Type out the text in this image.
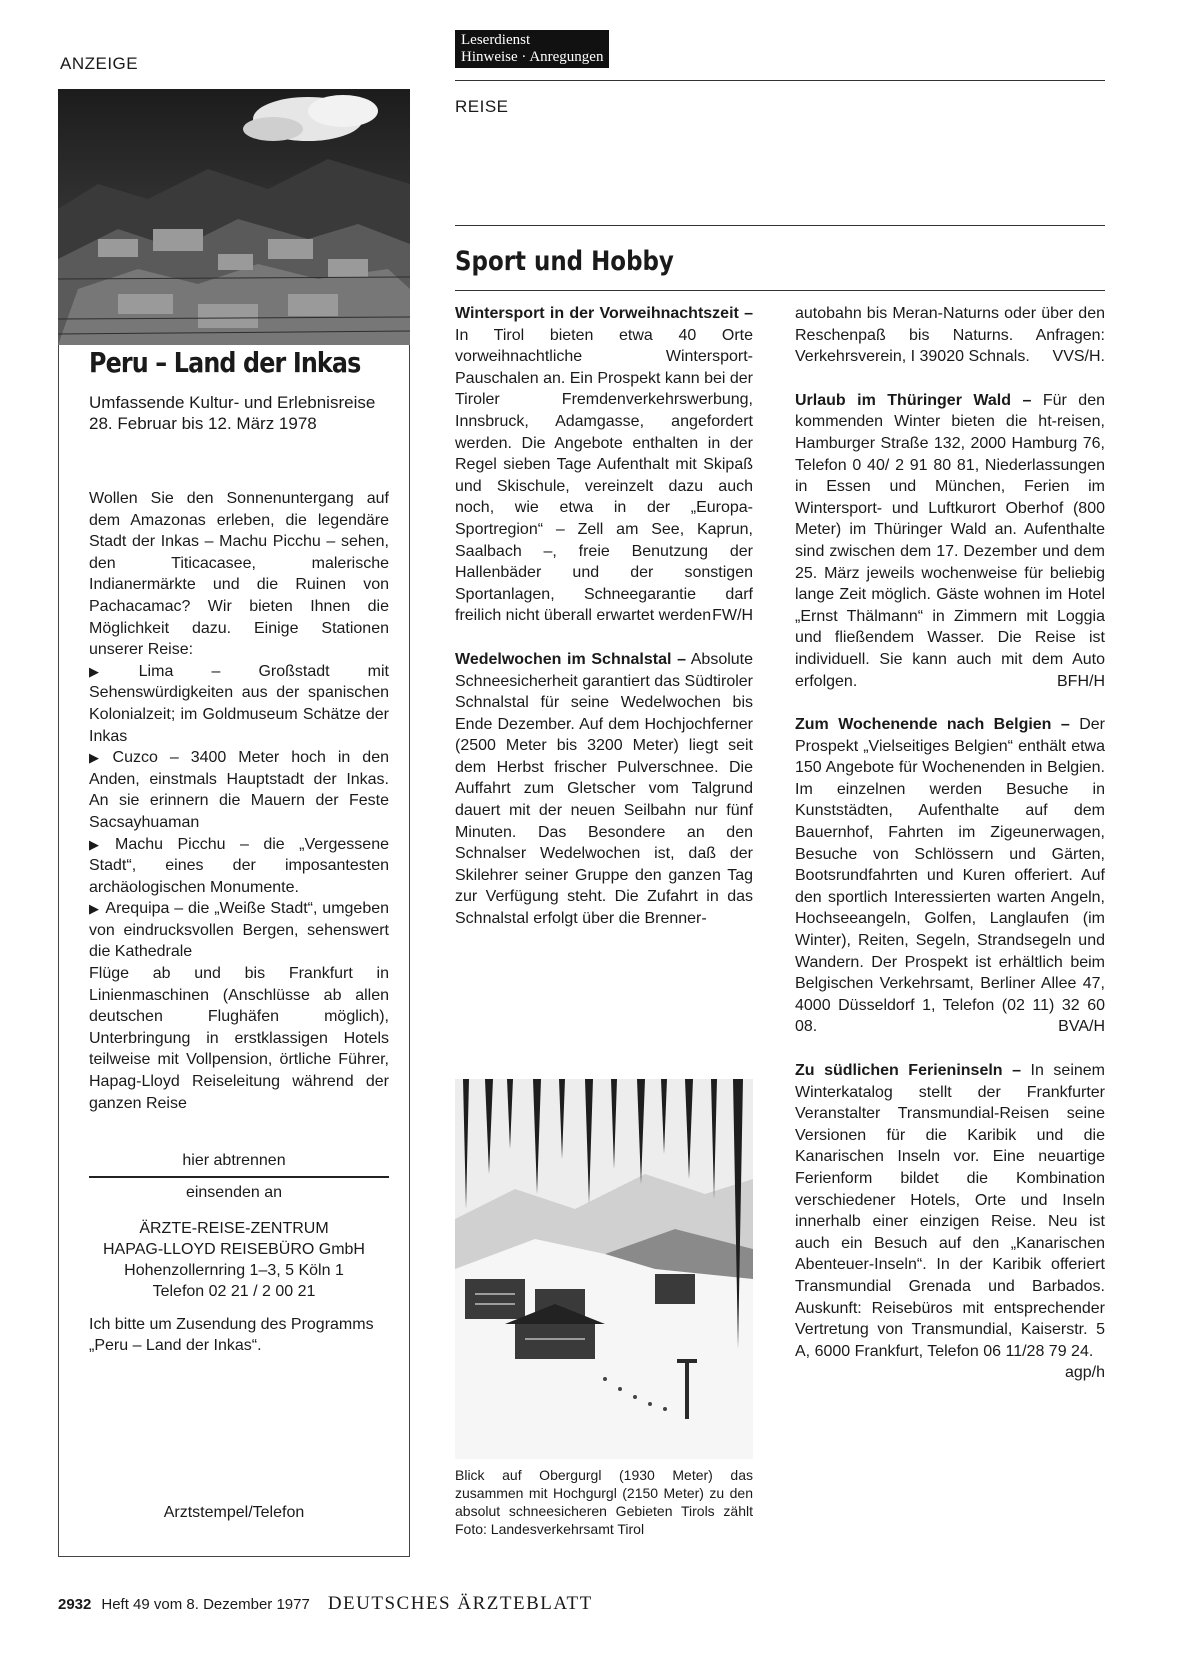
ANZEIGE
Peru – Land der Inkas
Umfassende Kultur- und Erlebnisreise 28. Februar bis 12. März 1978

Wollen Sie den Sonnenuntergang auf dem Amazonas erleben, die legendäre Stadt der Inkas – Machu Picchu – sehen, den Titicacasee, malerische Indianermärkte und die Ruinen von Pachacamac? Wir bieten Ihnen die Möglichkeit dazu. Einige Stationen unserer Reise:

▶ Lima – Großstadt mit Sehenswürdigkeiten aus der spanischen Kolonialzeit; im Goldmuseum Schätze der Inkas

▶ Cuzco – 3400 Meter hoch in den Anden, einstmals Hauptstadt der Inkas. An sie erinnern die Mauern der Feste Sacsayhuaman

▶ Machu Picchu – die „Vergessene Stadt“, eines der imposantesten archäologischen Monumente.

▶ Arequipa – die „Weiße Stadt“, umgeben von eindrucksvollen Bergen, sehenswert die Kathedrale

Flüge ab und bis Frankfurt in Linienmaschinen (Anschlüsse ab allen deutschen Flughäfen möglich), Unterbringung in erstklassigen Hotels teilweise mit Vollpension, örtliche Führer, Hapag-Lloyd Reiseleitung während der ganzen Reise

hier abtrennen
einsenden an
ÄRZTE-REISE-ZENTRUM
HAPAG-LLOYD REISEBÜRO GmbH
Hohenzollernring 1–3, 5 Köln 1
Telefon 02 21 / 2 00 21
Ich bitte um Zusendung des Programms „Peru – Land der Inkas“.
Arztstempel/Telefon
Leserdienst
Hinweise · Anregungen
REISE
Sport und Hobby

Wintersport in der Vorweihnachtszeit – In Tirol bieten etwa 40 Orte vorweihnachtliche Wintersport-Pauschalen an. Ein Prospekt kann bei der Tiroler Fremdenverkehrswerbung, Innsbruck, Adamgasse, angefordert werden. Die Angebote enthalten in der Regel sieben Tage Aufenthalt mit Skipaß und Skischule, vereinzelt dazu auch noch, wie etwa in der „Europa-Sportregion“ – Zell am See, Kaprun, Saalbach –, freie Benutzung der Hallenbäder und der sonstigen Sportanlagen, Schneegarantie darf freilich nicht überall erwartet werden FW/H

Wedelwochen im Schnalstal – Absolute Schneesicherheit garantiert das Südtiroler Schnalstal für seine Wedelwochen bis Ende Dezember. Auf dem Hochjochferner (2500 Meter bis 3200 Meter) liegt seit dem Herbst frischer Pulverschnee. Die Auffahrt zum Gletscher vom Talgrund dauert mit der neuen Seilbahn nur fünf Minuten. Das Besondere an den Schnalser Wedelwochen ist, daß der Skilehrer seiner Gruppe den ganzen Tag zur Verfügung steht. Die Zufahrt in das Schnalstal erfolgt über die Brenner-

Blick auf Obergurgl (1930 Meter) das zusammen mit Hochgurgl (2150 Meter) zu den absolut schneesicheren Gebieten Tirols zählt Foto: Landesverkehrsamt Tirol

autobahn bis Meran-Naturns oder über den Reschenpaß bis Naturns. Anfragen: Verkehrsverein, I 39020 Schnals. VVS/H.

Urlaub im Thüringer Wald – Für den kommenden Winter bieten die ht-reisen, Hamburger Straße 132, 2000 Hamburg 76, Telefon 0 40/ 2 91 80 81, Niederlassungen in Essen und München, Ferien im Wintersport- und Luftkurort Oberhof (800 Meter) im Thüringer Wald an. Aufenthalte sind zwischen dem 17. Dezember und dem 25. März jeweils wochenweise für beliebig lange Zeit möglich. Gäste wohnen im Hotel „Ernst Thälmann“ in Zimmern mit Loggia und fließendem Wasser. Die Reise ist individuell. Sie kann auch mit dem Auto erfolgen.	BFH/H

Zum Wochenende nach Belgien – Der Prospekt „Vielseitiges Belgien“ enthält etwa 150 Angebote für Wochenenden in Belgien. Im einzelnen werden Besuche in Kunststädten, Aufenthalte auf dem Bauernhof, Fahrten im Zigeunerwagen, Besuche von Schlössern und Gärten, Bootsrundfahrten und Kuren offeriert. Auf den sportlich Interessierten warten Angeln, Hochseeangeln, Golfen, Langlaufen (im Winter), Reiten, Segeln, Strandsegeln und Wandern. Der Prospekt ist erhältlich beim Belgischen Verkehrsamt, Berliner Allee 47, 4000 Düsseldorf 1, Telefon (02 11) 32 60 08.	BVA/H

Zu südlichen Ferieninseln – In seinem Winterkatalog stellt der Frankfurter Veranstalter Transmundial-Reisen seine Versionen für die Karibik und die Kanarischen Inseln vor. Eine neuartige Ferienform bildet die Kombination verschiedener Hotels, Orte und Inseln innerhalb einer einzigen Reise. Neu ist auch ein Besuch auf den „Kanarischen Abenteuer-Inseln“. In der Karibik offeriert Transmundial Grenada und Barbados. Auskunft: Reisebüros mit entsprechender Vertretung von Transmundial, Kaiserstr. 5 A, 6000 Frankfurt, Telefon 06 11/28 79 24.
agp/h

2932 Heft 49 vom 8. Dezember 1977 DEUTSCHES ÄRZTEBLATT
